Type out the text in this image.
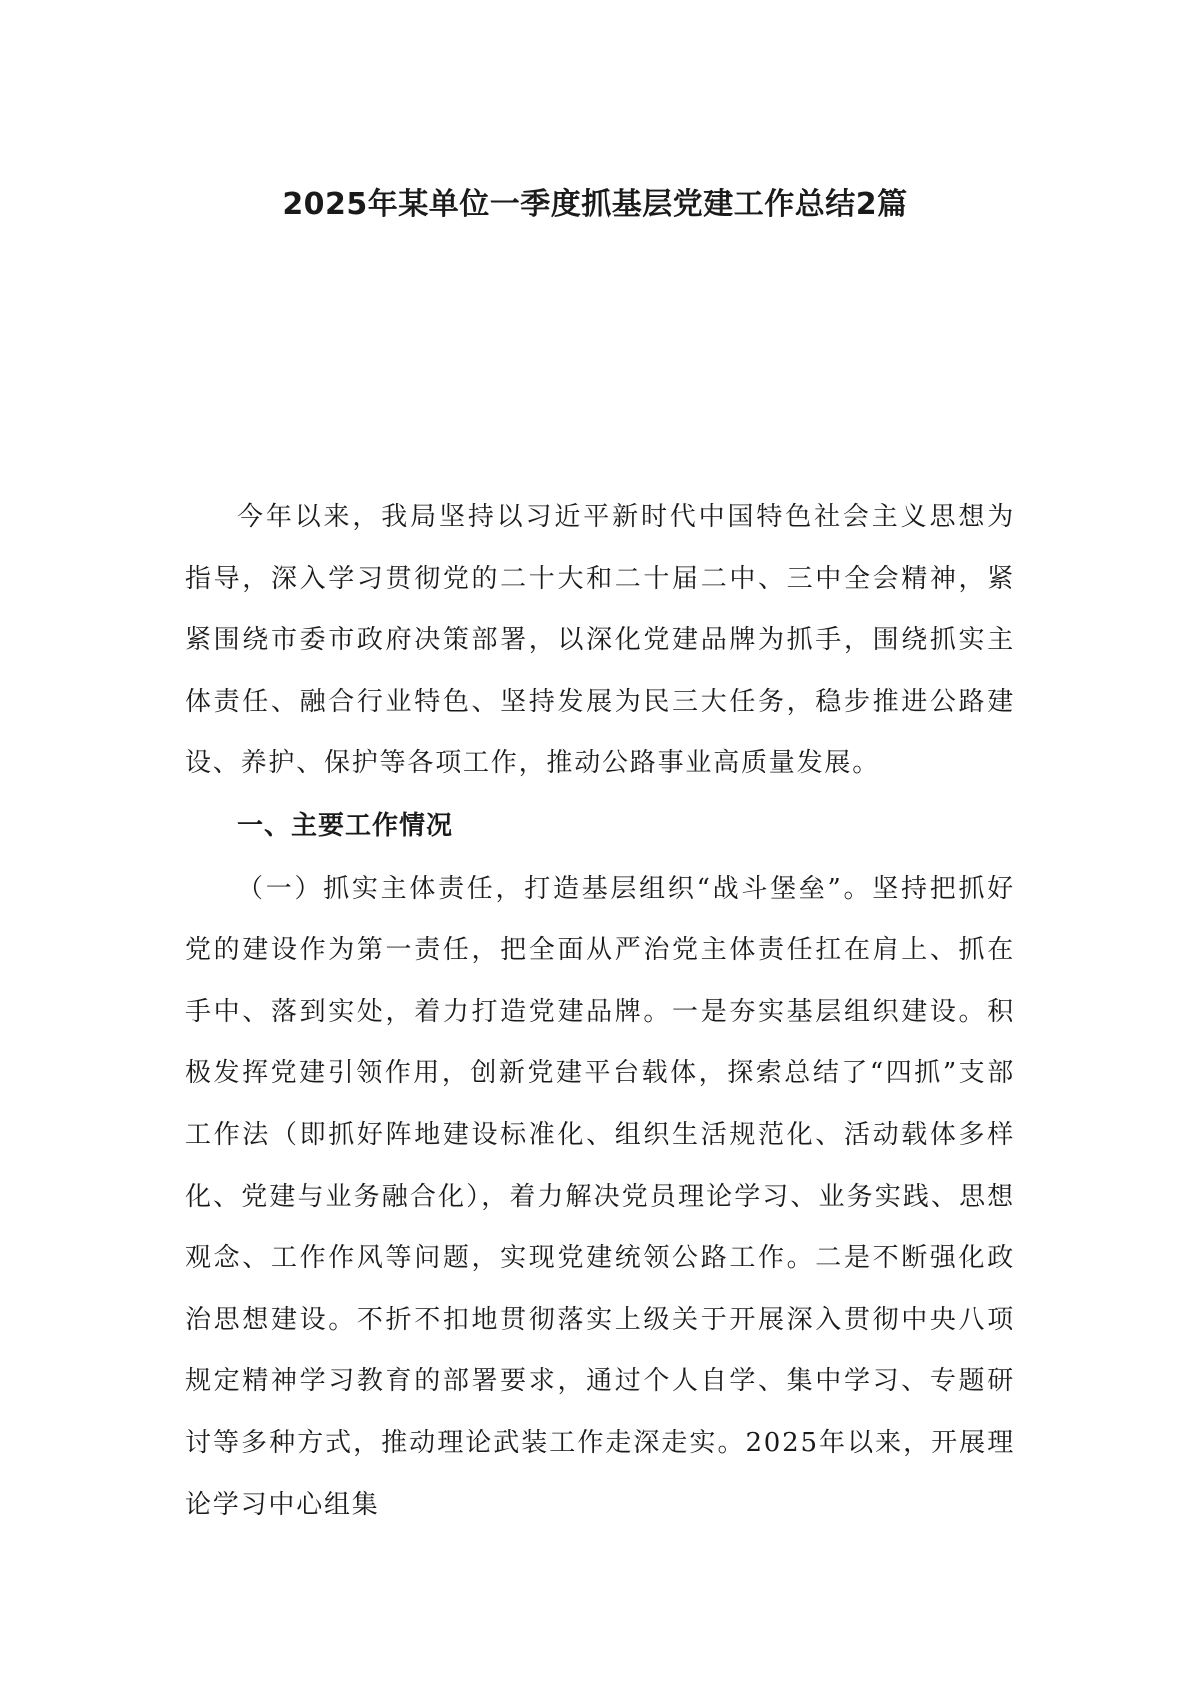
2025年某单位一季度抓基层党建工作总结2篇

今年以来，我局坚持以习近平新时代中国特色社会主义思想为指导，深入学习贯彻党的二十大和二十届二中、三中全会精神，紧紧围绕市委市政府决策部署，以深化党建品牌为抓手，围绕抓实主体责任、融合行业特色、坚持发展为民三大任务，稳步推进公路建设、养护、保护等各项工作，推动公路事业高质量发展。

一、主要工作情况

（一）抓实主体责任，打造基层组织“战斗堡垒”。坚持把抓好党的建设作为第一责任，把全面从严治党主体责任扛在肩上、抓在手中、落到实处，着力打造党建品牌。一是夯实基层组织建设。积极发挥党建引领作用，创新党建平台载体，探索总结了“四抓”支部工作法（即抓好阵地建设标准化、组织生活规范化、活动载体多样化、党建与业务融合化），着力解决党员理论学习、业务实践、思想观念、工作作风等问题，实现党建统领公路工作。二是不断强化政治思想建设。不折不扣地贯彻落实上级关于开展深入贯彻中央八项规定精神学习教育的部署要求，通过个人自学、集中学习、专题研讨等多种方式，推动理论武装工作走深走实。2025年以来，开展理论学习中心组集
